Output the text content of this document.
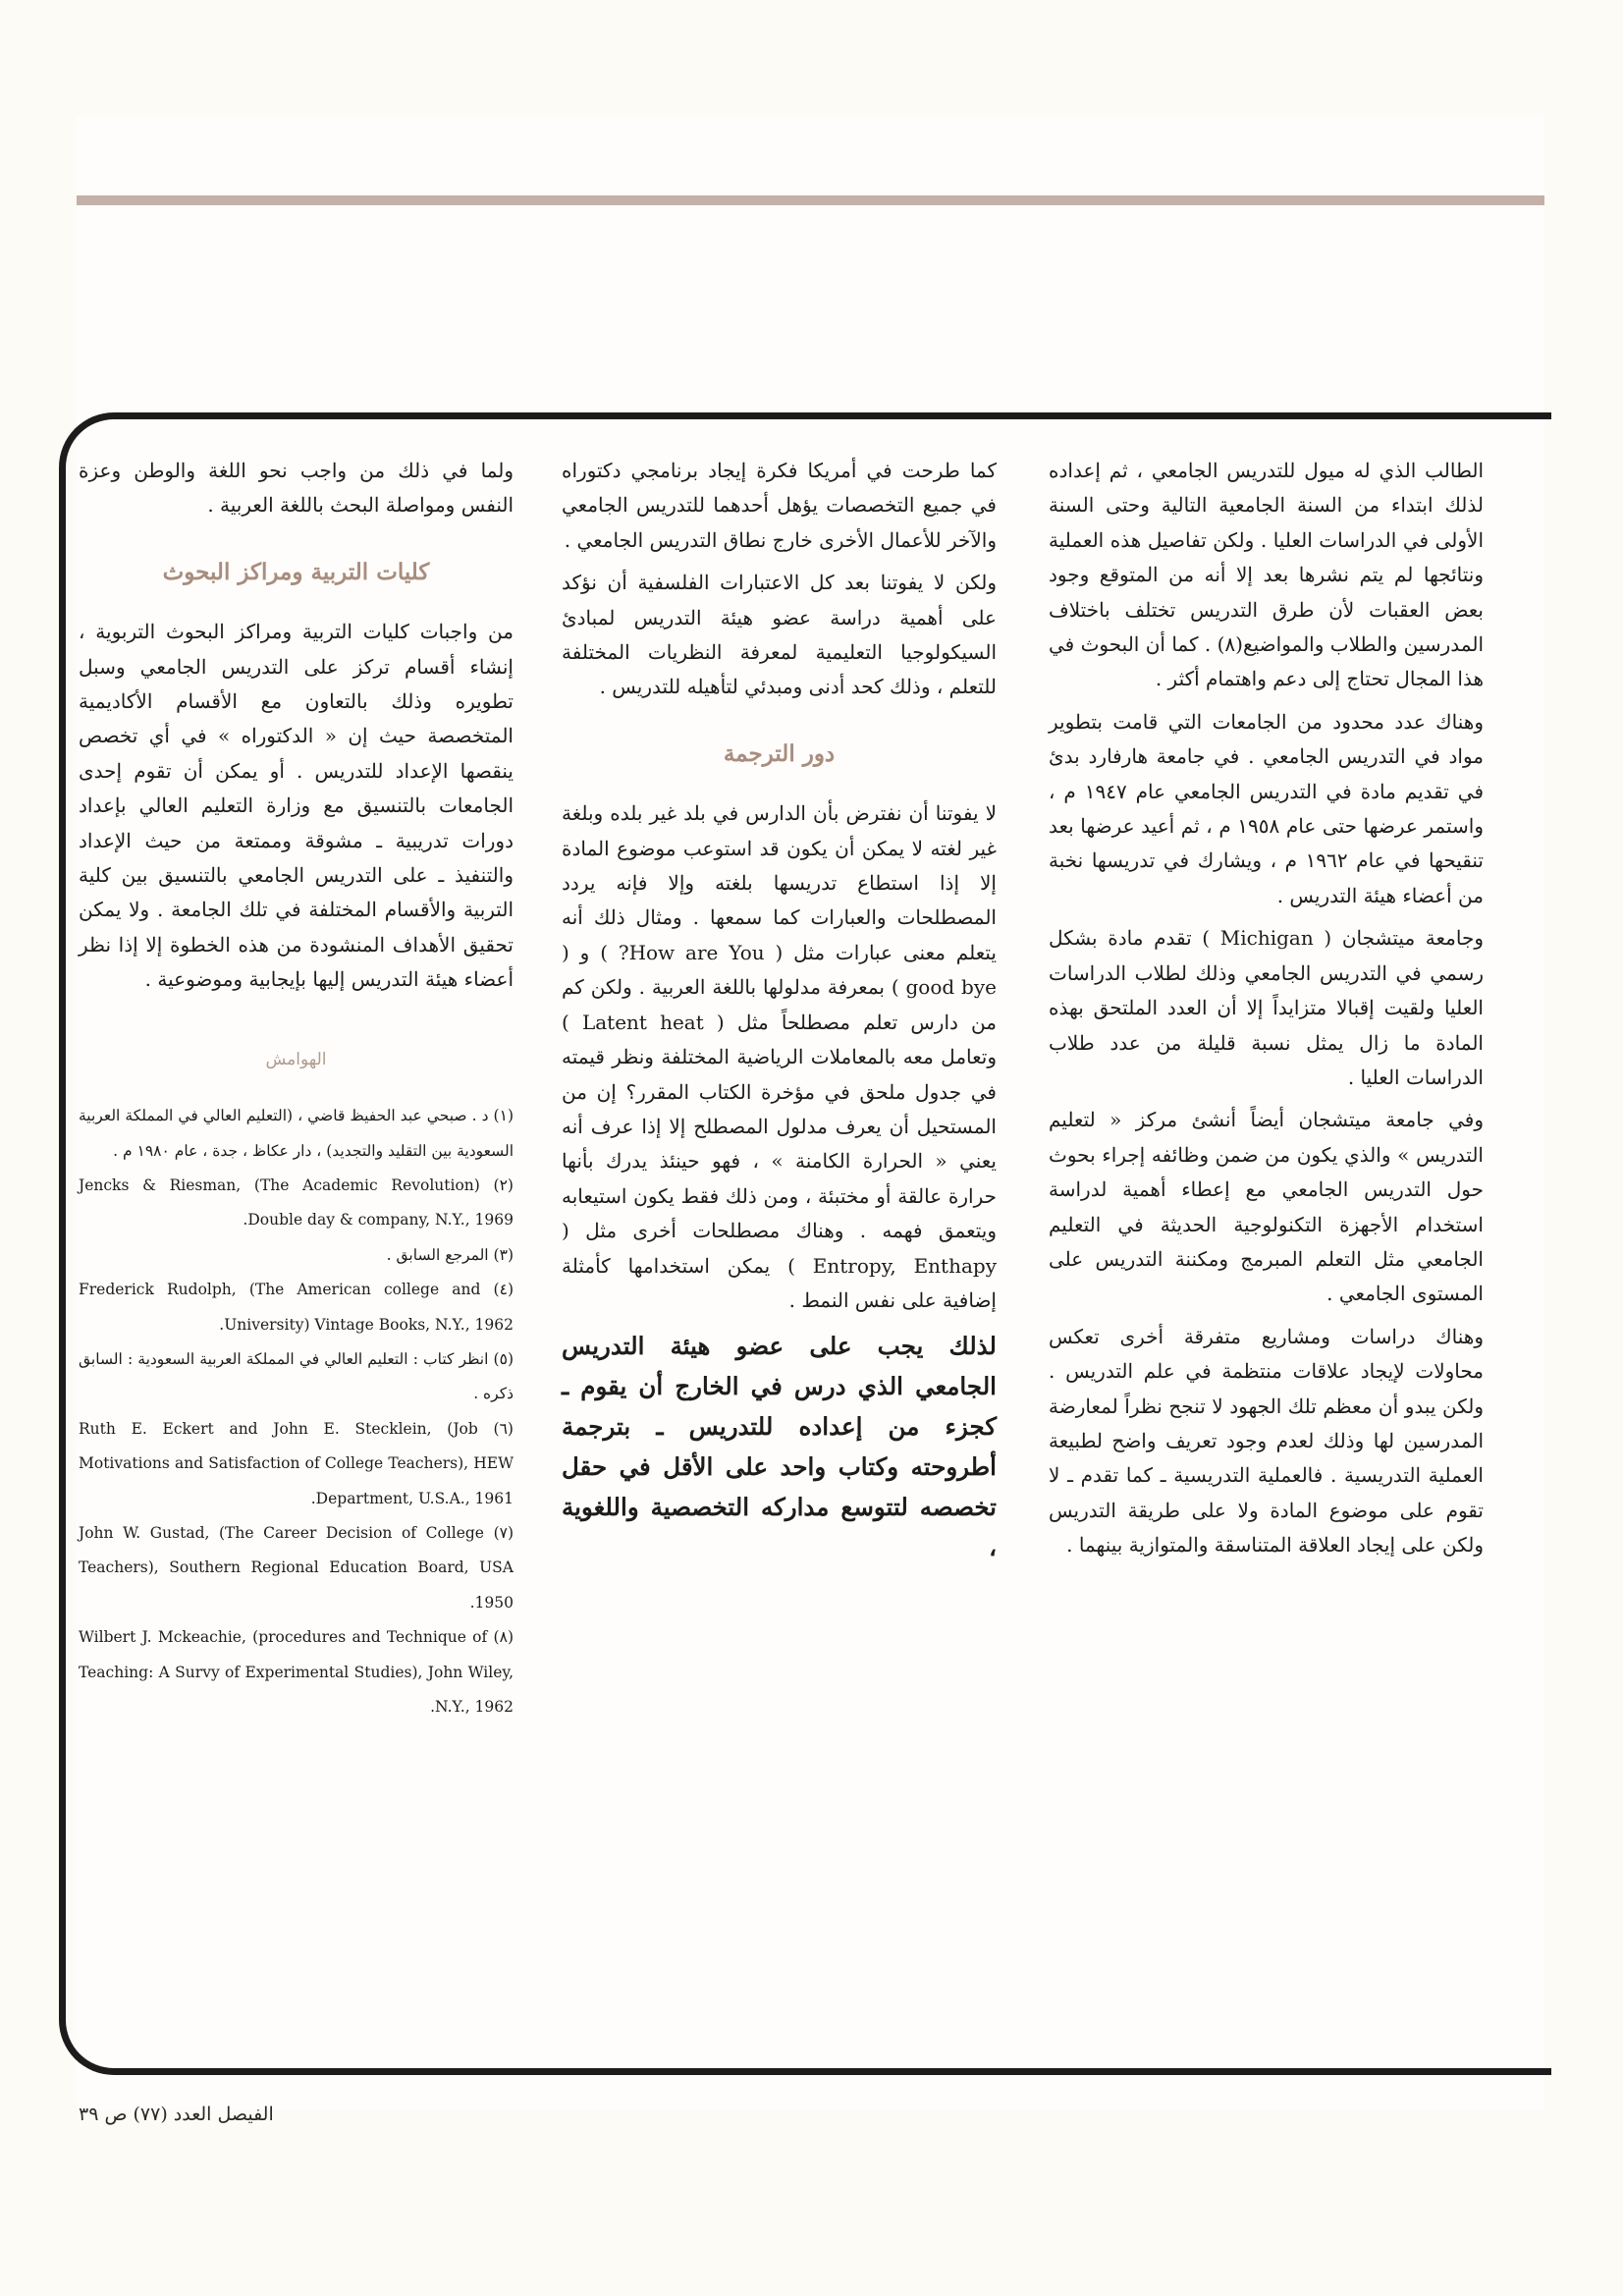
الطالب الذي له ميول للتدريس الجامعي ، ثم إعداده لذلك ابتداء من السنة الجامعية التالية وحتى السنة الأولى في الدراسات العليا . ولكن تفاصيل هذه العملية ونتائجها لم يتم نشرها بعد إلا أنه من المتوقع وجود بعض العقبات لأن طرق التدريس تختلف باختلاف المدرسين والطلاب والمواضيع(٨) . كما أن البحوث في هذا المجال تحتاج إلى دعم واهتمام أكثر .

وهناك عدد محدود من الجامعات التي قامت بتطوير مواد في التدريس الجامعي . في جامعة هارفارد بدئ في تقديم مادة في التدريس الجامعي عام ١٩٤٧ م ، واستمر عرضها حتى عام ١٩٥٨ م ، ثم أعيد عرضها بعد تنقيحها في عام ١٩٦٢ م ، ويشارك في تدريسها نخبة من أعضاء هيئة التدريس .

وجامعة ميتشجان ( Michigan ) تقدم مادة بشكل رسمي في التدريس الجامعي وذلك لطلاب الدراسات العليا ولقيت إقبالا متزايداً إلا أن العدد الملتحق بهذه المادة ما زال يمثل نسبة قليلة من عدد طلاب الدراسات العليا .

وفي جامعة ميتشجان أيضاً أنشئ مركز « لتعليم التدريس » والذي يكون من ضمن وظائفه إجراء بحوث حول التدريس الجامعي مع إعطاء أهمية لدراسة استخدام الأجهزة التكنولوجية الحديثة في التعليم الجامعي مثل التعلم المبرمج ومكننة التدريس على المستوى الجامعي .

وهناك دراسات ومشاريع متفرقة أخرى تعكس محاولات لإيجاد علاقات منتظمة في علم التدريس . ولكن يبدو أن معظم تلك الجهود لا تنجح نظراً لمعارضة المدرسين لها وذلك لعدم وجود تعريف واضح لطبيعة العملية التدريسية . فالعملية التدريسية ـ كما تقدم ـ لا تقوم على موضوع المادة ولا على طريقة التدريس ولكن على إيجاد العلاقة المتناسقة والمتوازية بينهما .

كما طرحت في أمريكا فكرة إيجاد برنامجي دكتوراه في جميع التخصصات يؤهل أحدهما للتدريس الجامعي والآخر للأعمال الأخرى خارج نطاق التدريس الجامعي .

ولكن لا يفوتنا بعد كل الاعتبارات الفلسفية أن نؤكد على أهمية دراسة عضو هيئة التدريس لمبادئ السيكولوجيا التعليمية لمعرفة النظريات المختلفة للتعلم ، وذلك كحد أدنى ومبدئي لتأهيله للتدريس .

دور الترجمة

لا يفوتنا أن نفترض بأن الدارس في بلد غير بلده وبلغة غير لغته لا يمكن أن يكون قد استوعب موضوع المادة إلا إذا استطاع تدريسها بلغته وإلا فإنه يردد المصطلحات والعبارات كما سمعها . ومثال ذلك أنه يتعلم معنى عبارات مثل ( How are You? ) و ( good bye ) بمعرفة مدلولها باللغة العربية . ولكن كم من دارس تعلم مصطلحاً مثل ( Latent heat ) وتعامل معه بالمعاملات الرياضية المختلفة ونظر قيمته في جدول ملحق في مؤخرة الكتاب المقرر؟ إن من المستحيل أن يعرف مدلول المصطلح إلا إذا عرف أنه يعني « الحرارة الكامنة » ، فهو حينئذ يدرك بأنها حرارة عالقة أو مختبئة ، ومن ذلك فقط يكون استيعابه ويتعمق فهمه . وهناك مصطلحات أخرى مثل ( Entropy, Enthapy ) يمكن استخدامها كأمثلة إضافية على نفس النمط .

لذلك يجب على عضو هيئة التدريس الجامعي الذي درس في الخارج أن يقوم ـ كجزء من إعداده للتدريس ـ بترجمة أطروحته وكتاب واحد على الأقل في حقل تخصصه لتتوسع مداركه التخصصية واللغوية ،

ولما في ذلك من واجب نحو اللغة والوطن وعزة النفس ومواصلة البحث باللغة العربية .

كليات التربية ومراكز البحوث

من واجبات كليات التربية ومراكز البحوث التربوية ، إنشاء أقسام تركز على التدريس الجامعي وسبل تطويره وذلك بالتعاون مع الأقسام الأكاديمية المتخصصة حيث إن « الدكتوراه » في أي تخصص ينقصها الإعداد للتدريس . أو يمكن أن تقوم إحدى الجامعات بالتنسيق مع وزارة التعليم العالي بإعداد دورات تدريبية ـ مشوقة وممتعة من حيث الإعداد والتنفيذ ـ على التدريس الجامعي بالتنسيق بين كلية التربية والأقسام المختلفة في تلك الجامعة . ولا يمكن تحقيق الأهداف المنشودة من هذه الخطوة إلا إذا نظر أعضاء هيئة التدريس إليها بإيجابية وموضوعية .

الهوامش
(١) د . صبحي عبد الحفيظ قاضي ، (التعليم العالي في المملكة العربية السعودية بين التقليد والتجديد) ، دار عكاظ ، جدة ، عام ١٩٨٠ م .
(٢) Jencks & Riesman, (The Academic Revolution) Double day & company, N.Y., 1969.
(٣) المرجع السابق .
(٤) Frederick Rudolph, (The American college and University) Vintage Books, N.Y., 1962.
(٥) انظر كتاب : التعليم العالي في المملكة العربية السعودية : السابق ذكره .
(٦) Ruth E. Eckert and John E. Stecklein, (Job Motivations and Satisfaction of College Teachers), HEW Department, U.S.A., 1961.
(٧) John W. Gustad, (The Career Decision of College Teachers), Southern Regional Education Board, USA 1950.
(٨) Wilbert J. Mckeachie, (procedures and Technique of Teaching: A Survy of Experimental Studies), John Wiley, N.Y., 1962.
الفيصل العدد (٧٧) ص ٣٩
